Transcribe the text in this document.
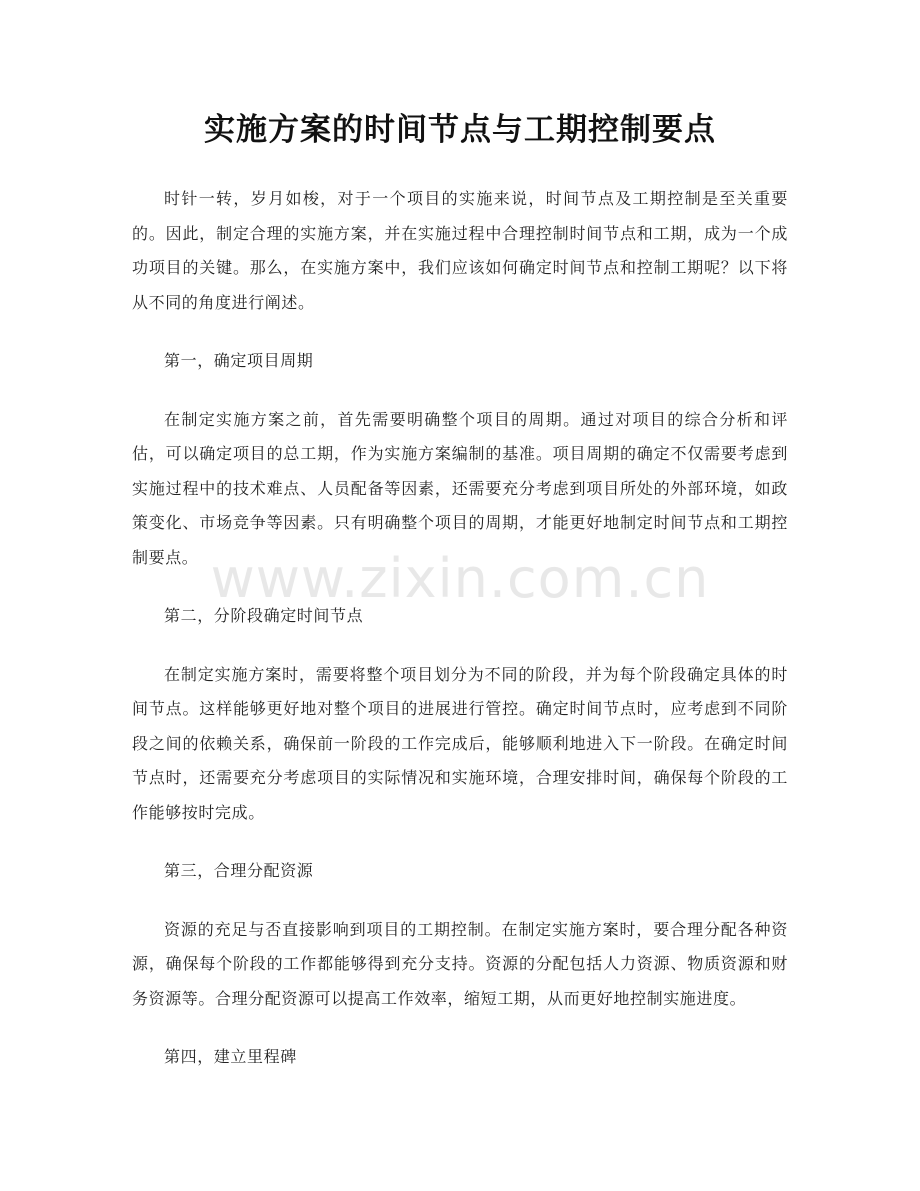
实施方案的时间节点与工期控制要点
www.zixin.com.cn

时针一转，岁月如梭，对于一个项目的实施来说，时间节点及工期控制是至关重要的。因此，制定合理的实施方案，并在实施过程中合理控制时间节点和工期，成为一个成功项目的关键。那么，在实施方案中，我们应该如何确定时间节点和控制工期呢？以下将从不同的角度进行阐述。

第一，确定项目周期

在制定实施方案之前，首先需要明确整个项目的周期。通过对项目的综合分析和评估，可以确定项目的总工期，作为实施方案编制的基准。项目周期的确定不仅需要考虑到实施过程中的技术难点、人员配备等因素，还需要充分考虑到项目所处的外部环境，如政策变化、市场竞争等因素。只有明确整个项目的周期，才能更好地制定时间节点和工期控制要点。

第二，分阶段确定时间节点

在制定实施方案时，需要将整个项目划分为不同的阶段，并为每个阶段确定具体的时间节点。这样能够更好地对整个项目的进展进行管控。确定时间节点时，应考虑到不同阶段之间的依赖关系，确保前一阶段的工作完成后，能够顺利地进入下一阶段。在确定时间节点时，还需要充分考虑项目的实际情况和实施环境，合理安排时间，确保每个阶段的工作能够按时完成。

第三，合理分配资源

资源的充足与否直接影响到项目的工期控制。在制定实施方案时，要合理分配各种资源，确保每个阶段的工作都能够得到充分支持。资源的分配包括人力资源、物质资源和财务资源等。合理分配资源可以提高工作效率，缩短工期，从而更好地控制实施进度。

第四，建立里程碑
